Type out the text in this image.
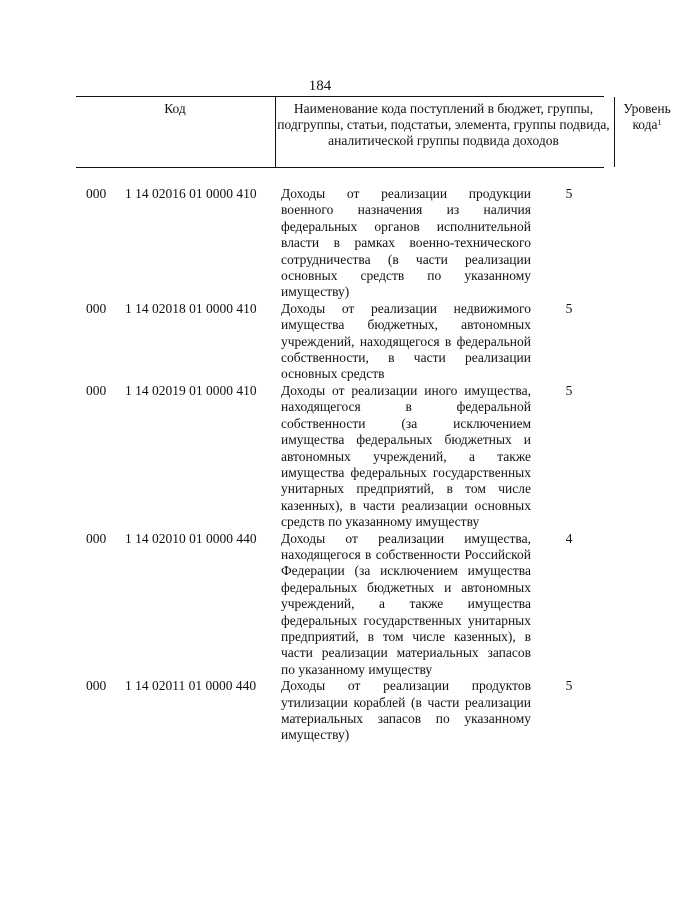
184
Код	Наименование кода поступлений в бюджет, группы, подгруппы, статьи, подстатьи, элемента, группы подвида, аналитической группы подвида доходов
Уровень кода$^1$
000 1 14 02016 01 0000 410 Доходы от реализации продукции военного назначения из наличия федеральных органов исполнительной власти в рамках военно-технического сотрудничества (в части реализации основных средств по указанному имуществу)
5
000 1 14 02018 01 0000 410 Доходы от реализации недвижимого имущества бюджетных, автономных учреждений, находящегося в федеральной собственности, в части реализации основных средств
5
000 1 14 02019 01 0000 410 Доходы от реализации иного имущества, находящегося в федеральной собственности (за исключением имущества федеральных бюджетных и автономных учреждений, а также имущества федеральных государственных унитарных предприятий, в том числе казенных), в части реализации основных средств по указанному имуществу
5
000 1 14 02010 01 0000 440 Доходы от реализации имущества, находящегося в собственности Российской Федерации (за исключением имущества федеральных бюджетных и автономных учреждений, а также имущества федеральных государственных унитарных предприятий, в том числе казенных), в части реализации материальных запасов по указанному имуществу
4
000 1 14 02011 01 0000 440 Доходы от реализации продуктов утилизации кораблей (в части реализации материальных запасов по указанному имуществу)
5
